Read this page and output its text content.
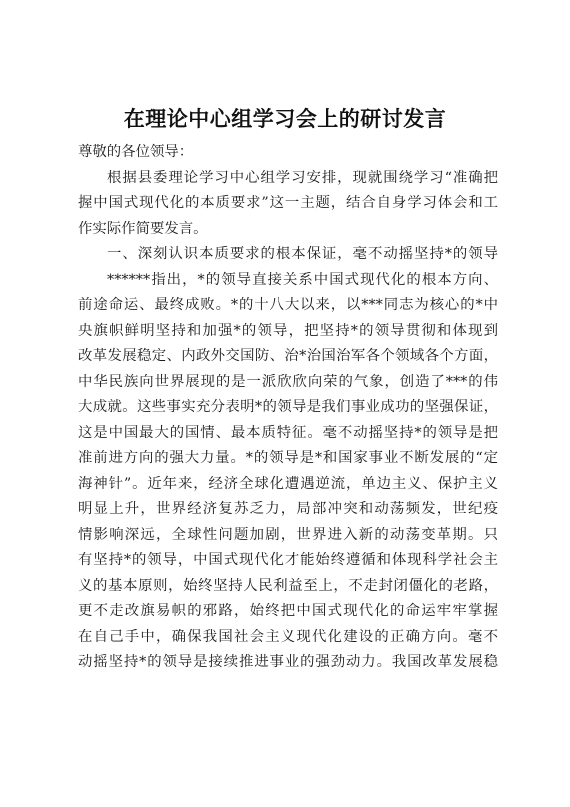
在理论中心组学习会上的研讨发言
尊敬的各位领导：
根据县委理论学习中心组学习安排，现就围绕学习“准确把
握中国式现代化的本质要求”这一主题，结合自身学习体会和工
作实际作简要发言。
一、深刻认识本质要求的根本保证，毫不动摇坚持*的领导
******指出，*的领导直接关系中国式现代化的根本方向、
前途命运、最终成败。*的十八大以来，以***同志为核心的*中
央旗帜鲜明坚持和加强*的领导，把坚持*的领导贯彻和体现到
改革发展稳定、内政外交国防、治*治国治军各个领域各个方面，
中华民族向世界展现的是一派欣欣向荣的气象，创造了***的伟
大成就。这些事实充分表明*的领导是我们事业成功的坚强保证，
这是中国最大的国情、最本质特征。毫不动摇坚持*的领导是把
准前进方向的强大力量。*的领导是*和国家事业不断发展的“定
海神针”。近年来，经济全球化遭遇逆流，单边主义、保护主义
明显上升，世界经济复苏乏力，局部冲突和动荡频发，世纪疫
情影响深远，全球性问题加剧，世界进入新的动荡变革期。只
有坚持*的领导，中国式现代化才能始终遵循和体现科学社会主
义的基本原则，始终坚持人民利益至上，不走封闭僵化的老路，
更不走改旗易帜的邪路，始终把中国式现代化的命运牢牢掌握
在自己手中，确保我国社会主义现代化建设的正确方向。毫不
动摇坚持*的领导是接续推进事业的强劲动力。我国改革发展稳
